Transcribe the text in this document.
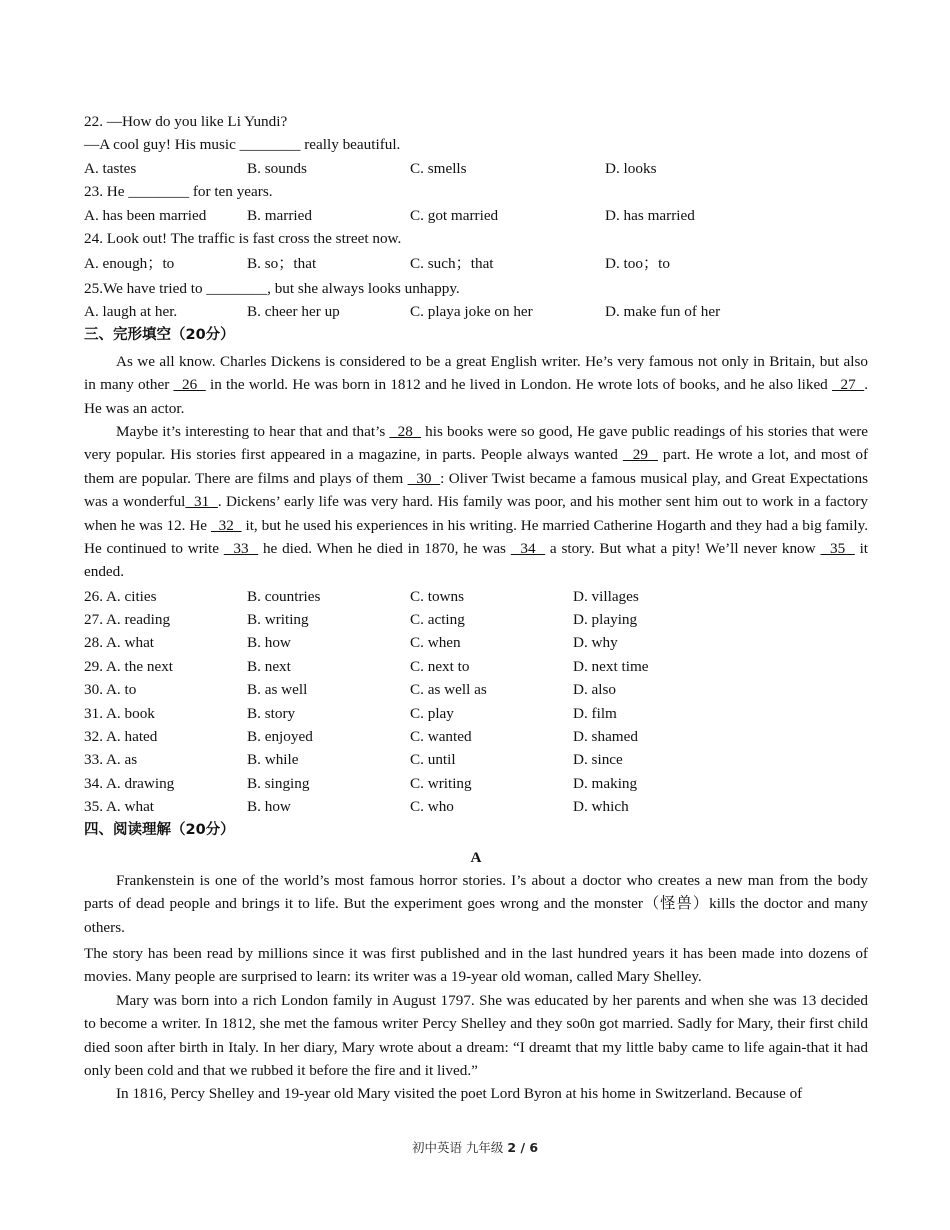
22. —How do you like Li Yundi?
—A cool guy! His music ________ really beautiful.
A. tastes	B. sounds	C. smells	D. looks
23. He ________ for ten years.
A. has been married	B. married	C. got married	D. has married
24. Look out! The traffic is fast cross the street now.
A. enough；to	B. so；that	C. such；that	D. too；to
25.We have tried to ________, but she always looks unhappy.
A. laugh at her.	B. cheer her up	C. playa joke on her	D. make fun of her
三、完形填空（20分）
As we all know. Charles Dickens is considered to be a great English writer. He’s very famous not only in Britain, but also in many other   26   in the world. He was born in 1812 and he lived in London. He wrote lots of books, and he also liked   27  . He was an actor.
Maybe it’s interesting to hear that and that’s   28   his books were so good, He gave public readings of his stories that were very popular. His stories first appeared in a magazine, in parts. People always wanted   29   part. He wrote a lot, and most of them are popular. There are films and plays of them   30  : Oliver Twist became a famous musical play, and Great Expectations was a wonderful  31  . Dickens’ early life was very hard. His family was poor, and his mother sent him out to work in a factory when he was 12. He   32   it, but he used his experiences in his writing. He married Catherine Hogarth and they had a big family. He continued to write   33   he died. When he died in 1870, he was   34   a story. But what a pity! We’ll never know   35   it ended.
26. A. cities	B. countries	C. towns	D. villages
27. A. reading	B. writing	C. acting	D. playing
28. A. what	B. how	C. when	D. why
29. A. the next	B. next	C. next to	D. next time
30. A. to	B. as well	C. as well as	D. also
31. A. book	B. story	C. play	D. film
32. A. hated	B. enjoyed	C. wanted	D. shamed
33. A. as	B. while	C. until	D. since
34. A. drawing	B. singing	C. writing	D. making
35. A. what	B. how	C. who	D. which
四、阅读理解（20分）
A
Frankenstein is one of the world’s most famous horror stories. I’s about a doctor who creates a new man from the body parts of dead people and brings it to life. But the experiment goes wrong and the monster（怪兽）kills the doctor and many others.
The story has been read by millions since it was first published and in the last hundred years it has been made into dozens of movies. Many people are surprised to learn: its writer was a 19-year old woman, called Mary Shelley.
Mary was born into a rich London family in August 1797. She was educated by her parents and when she was 13 decided to become a writer. In 1812, she met the famous writer Percy Shelley and they so0n got married. Sadly for Mary, their first child died soon after birth in Italy. In her diary, Mary wrote about a dream: “I dreamt that my little baby came to life again-that it had only been cold and that we rubbed it before the fire and it lived.”
In 1816, Percy Shelley and 19-year old Mary visited the poet Lord Byron at his home in Switzerland. Because of
初中英语 九年级 2 / 6
